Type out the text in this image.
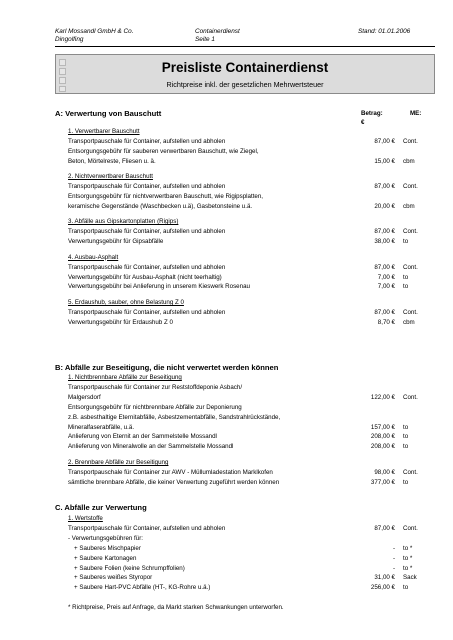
Karl Mossandl GmbH & Co.
Dingolfing
Containerdienst
Seite 1
Stand: 01.01.2006
Preisliste Containerdienst
Richtpreise inkl. der gesetzlichen Mehrwertsteuer
Betrag:	ME:
€
A: Verwertung von Bauschutt
B: Abfälle zur Beseitigung, die nicht verwertet werden können
C. Abfälle zur Verwertung
1. Verwertbarer Bauschutt
Transportpauschale für Container, aufstellen und abholen	87,00 € Cont.
Entsorgungsgebühr für sauberen verwertbaren Bauschutt, wie Ziegel,
Beton, Mörtelreste, Fliesen u. ä.	15,00 € cbm
2. Nichtverwertbarer Bauschutt
Transportpauschale für Container, aufstellen und abholen	87,00 € Cont.
Entsorgungsgebühr für nichtverwertbaren Bauschutt, wie Rigipsplatten,
keramische Gegenstände (Waschbecken u.ä), Gasbetonsteine u.ä.	20,00 € cbm
3. Abfälle aus Gipskartonplatten (Rigips)
Transportpauschale für Container, aufstellen und abholen	87,00 € Cont.
Verwertungsgebühr für Gipsabfälle	38,00 € to
4. Ausbau-Asphalt
Transportpauschale für Container, aufstellen und abholen	87,00 € Cont.
Verwertungsgebühr für Ausbau-Asphalt (nicht teerhaltig)	7,00 € to
Verwertungsgebühr bei Anlieferung in unserem Kieswerk Rosenau	7,00 € to
5. Erdaushub, sauber, ohne Belastung Z 0
Transportpauschale für Container, aufstellen und abholen	87,00 € Cont.
Verwertungsgebühr für Erdaushub Z 0	8,70 € cbm
1. Nichtbrennbare Abfälle zur Beseitigung
Transportpauschale für Container zur Reststoffdeponie Asbach/
Malgersdorf	122,00 € Cont.
Entsorgungsgebühr für nichtbrennbare Abfälle zur Deponierung
z.B. asbesthaltige Eternitabfälle, Asbestzementabfälle, Sandstrahlrückstände,
Mineralfaserabfälle, u.ä.	157,00 € to
Anlieferung von Eternit an der Sammelstelle Mossandl	208,00 € to
Anlieferung von Mineralwolle an der Sammelstelle Mossandl	208,00 € to
2. Brennbare Abfälle zur Beseitigung
Transportpauschale für Container zur AWV - Müllumladestation Marklkofen	98,00 € Cont.
sämtliche brennbare Abfälle, die keiner Verwertung zugeführt werden können	377,00 € to
1. Wertstoffe
Transportpauschale für Container, aufstellen und abholen	87,00 € Cont.
- Verwertungsgebühren für:
+ Sauberes Mischpapier	- to *
+ Saubere Kartonagen	- to *
+ Saubere Folien (keine Schrumpffolien)	- to *
+ Sauberes weißes Styropor	31,00 € Sack
+ Saubere Hart-PVC Abfälle (HT-, KG-Rohre u.ä.)	256,00 € to
* Richtpreise, Preis auf Anfrage, da Markt starken Schwankungen unterworfen.
